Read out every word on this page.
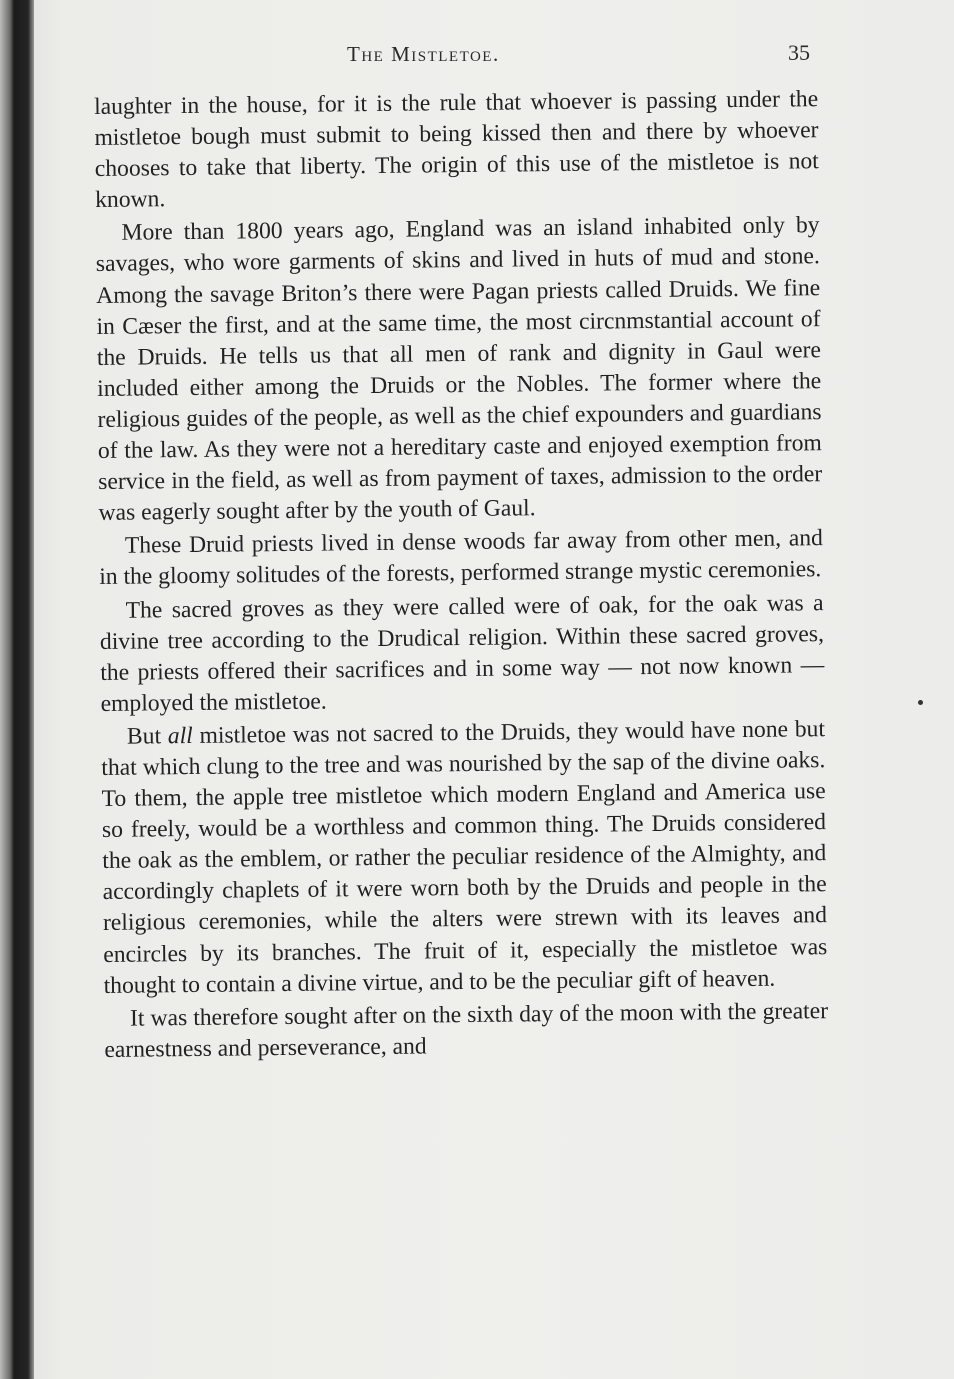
The Mistletoe.	35

laughter in the house, for it is the rule that whoever is passing under the mistletoe bough must submit to being kissed then and there by whoever chooses to take that liberty. The origin of this use of the mistletoe is not known.

More than 1800 years ago, England was an island inhabited only by savages, who wore garments of skins and lived in huts of mud and stone. Among the savage Briton’s there were Pagan priests called Druids. We fine in Cæser the first, and at the same time, the most circnmstantial account of the Druids. He tells us that all men of rank and dignity in Gaul were included either among the Druids or the Nobles. The former where the religious guides of the people, as well as the chief expounders and guardians of the law. As they were not a hereditary caste and enjoyed exemption from service in the field, as well as from payment of taxes, admission to the order was eagerly sought after by the youth of Gaul.

These Druid priests lived in dense woods far away from other men, and in the gloomy solitudes of the forests, performed strange mystic ceremonies.

The sacred groves as they were called were of oak, for the oak was a divine tree according to the Drudical religion. Within these sacred groves, the priests offered their sacrifices and in some way — not now known — employed the mistletoe.

But all mistletoe was not sacred to the Druids, they would have none but that which clung to the tree and was nourished by the sap of the divine oaks. To them, the apple tree mistletoe which modern England and America use so freely, would be a worthless and common thing. The Druids considered the oak as the emblem, or rather the peculiar residence of the Almighty, and accordingly chaplets of it were worn both by the Druids and people in the religious ceremonies, while the alters were strewn with its leaves and encircles by its branches. The fruit of it, especially the mistletoe was thought to contain a divine virtue, and to be the peculiar gift of heaven.

It was therefore sought after on the sixth day of the moon with the greater earnestness and perseverance, and
